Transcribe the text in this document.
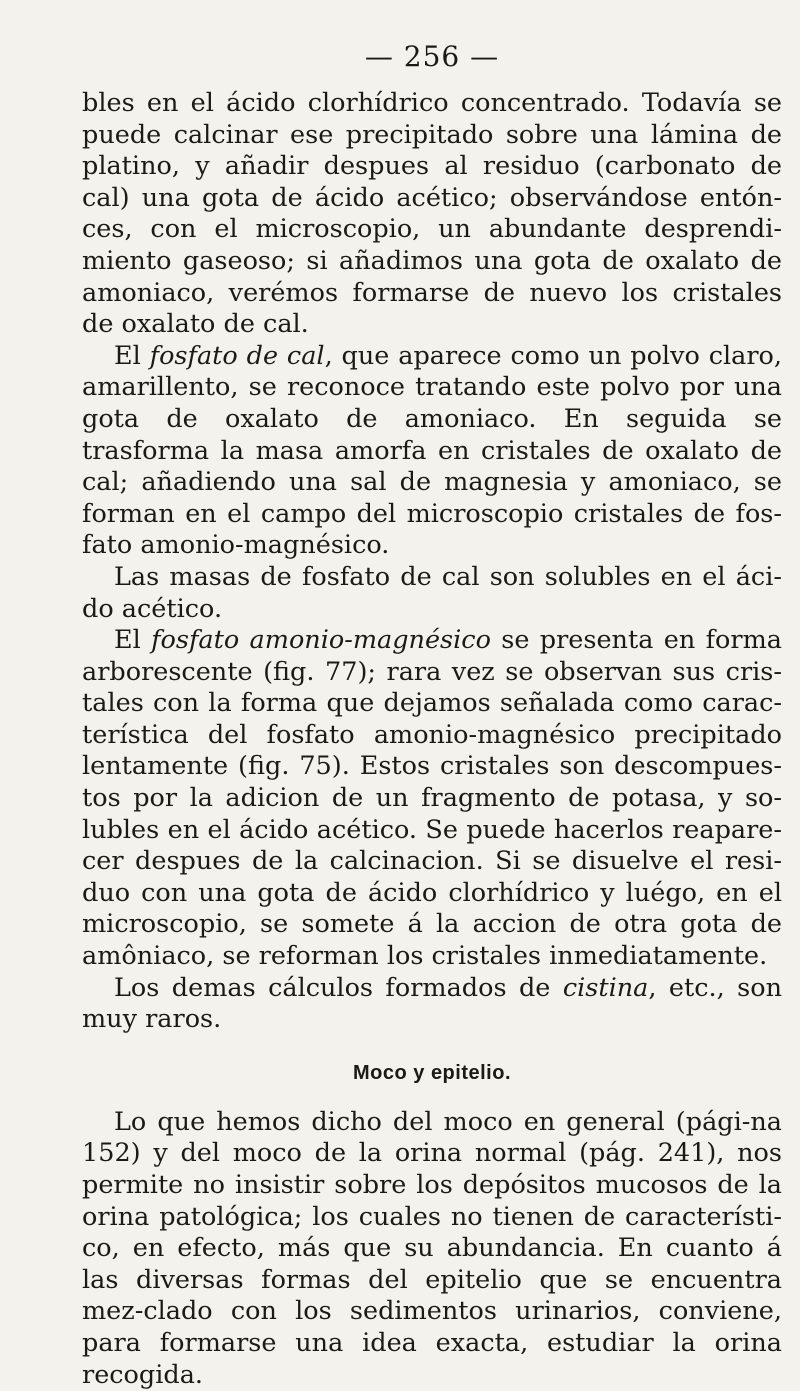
— 256 —

bles en el ácido clorhídrico concentrado. Todavía se puede calcinar ese precipitado sobre una lámina de platino, y añadir despues al residuo (carbonato de cal) una gota de ácido acético; observándose entón-ces, con el microscopio, un abundante desprendi-miento gaseoso; si añadimos una gota de oxalato de amoniaco, verémos formarse de nuevo los cristales de oxalato de cal.

El fosfato de cal, que aparece como un polvo claro, amarillento, se reconoce tratando este polvo por una gota de oxalato de amoniaco. En seguida se trasforma la masa amorfa en cristales de oxalato de cal; añadiendo una sal de magnesia y amoniaco, se forman en el campo del microscopio cristales de fos-fato amonio-magnésico.

Las masas de fosfato de cal son solubles en el áci-do acético.

El fosfato amonio-magnésico se presenta en forma arborescente (fig. 77); rara vez se observan sus cris-tales con la forma que dejamos señalada como carac-terística del fosfato amonio-magnésico precipitado lentamente (fig. 75). Estos cristales son descompues-tos por la adicion de un fragmento de potasa, y so-lubles en el ácido acético. Se puede hacerlos reapare-cer despues de la calcinacion. Si se disuelve el resi-duo con una gota de ácido clorhídrico y luégo, en el microscopio, se somete á la accion de otra gota de amôniaco, se reforman los cristales inmediatamente.

Los demas cálculos formados de cistina, etc., son muy raros.

Moco y epitelio.

Lo que hemos dicho del moco en general (pági-na 152) y del moco de la orina normal (pág. 241), nos permite no insistir sobre los depósitos mucosos de la orina patológica; los cuales no tienen de característi-co, en efecto, más que su abundancia. En cuanto á las diversas formas del epitelio que se encuentra mez-clado con los sedimentos urinarios, conviene, para formarse una idea exacta, estudiar la orina recogida.
